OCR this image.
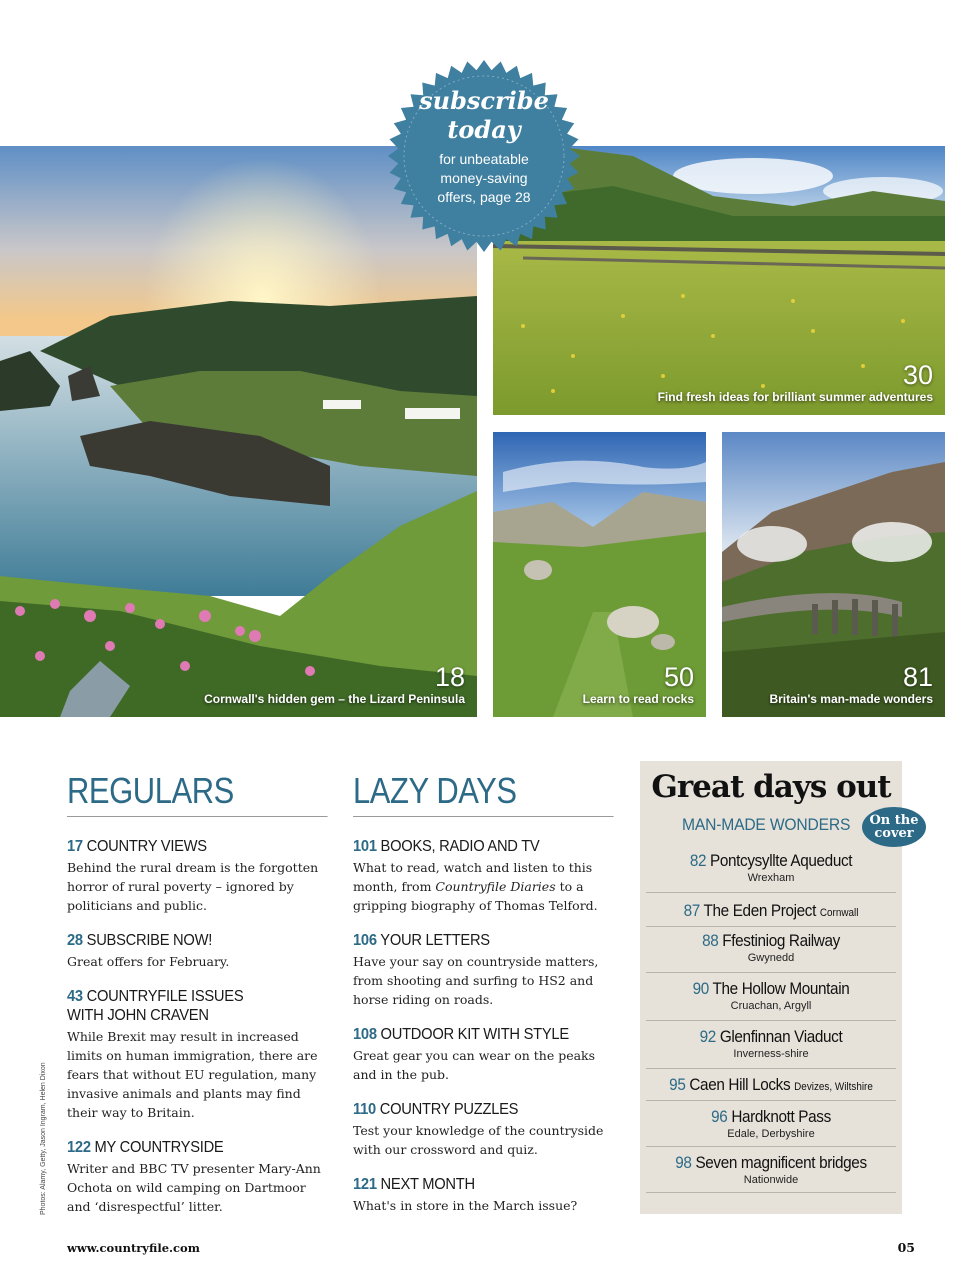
18
Cornwall's hidden gem – the Lizard Peninsula
30
Find fresh ideas for brilliant summer adventures
50
Learn to read rocks
81
Britain's man-made wonders
subscribe
today
for unbeatable
money-saving
offers, page 28
REGULARS
17 COUNTRY VIEWS
Behind the rural dream is the forgotten horror of rural poverty – ignored by politicians and public.
28 SUBSCRIBE NOW!
Great offers for February.
43 COUNTRYFILE ISSUES
WITH JOHN CRAVEN
While Brexit may result in increased limits on human immigration, there are fears that without EU regulation, many invasive animals and plants may find their way to Britain.
122 MY COUNTRYSIDE
Writer and BBC TV presenter Mary-Ann Ochota on wild camping on Dartmoor and ‘disrespectful’ litter.
LAZY DAYS
101 BOOKS, RADIO AND TV
What to read, watch and listen to this month, from Countryfile Diaries to a gripping biography of Thomas Telford.
106 YOUR LETTERS
Have your say on countryside matters, from shooting and surfing to HS2 and horse riding on roads.
108 OUTDOOR KIT WITH STYLE
Great gear you can wear on the peaks and in the pub.
110 COUNTRY PUZZLES
Test your knowledge of the countryside with our crossword and quiz.
121 NEXT MONTH
What's in store in the March issue?
Great days out
MAN-MADE WONDERS	On the
cover
82 Pontcysyllte Aqueduct
Wrexham
87 The Eden Project Cornwall
88 Ffestiniog Railway
Gwynedd
90 The Hollow Mountain
Cruachan, Argyll
92 Glenfinnan Viaduct
Inverness-shire
95 Caen Hill Locks Devizes, Wiltshire
96 Hardknott Pass
Edale, Derbyshire
98 Seven magnificent bridges
Nationwide
Photos: Alamy, Getty, Jason Ingram, Helen Dixon
www.countryfile.com	05
